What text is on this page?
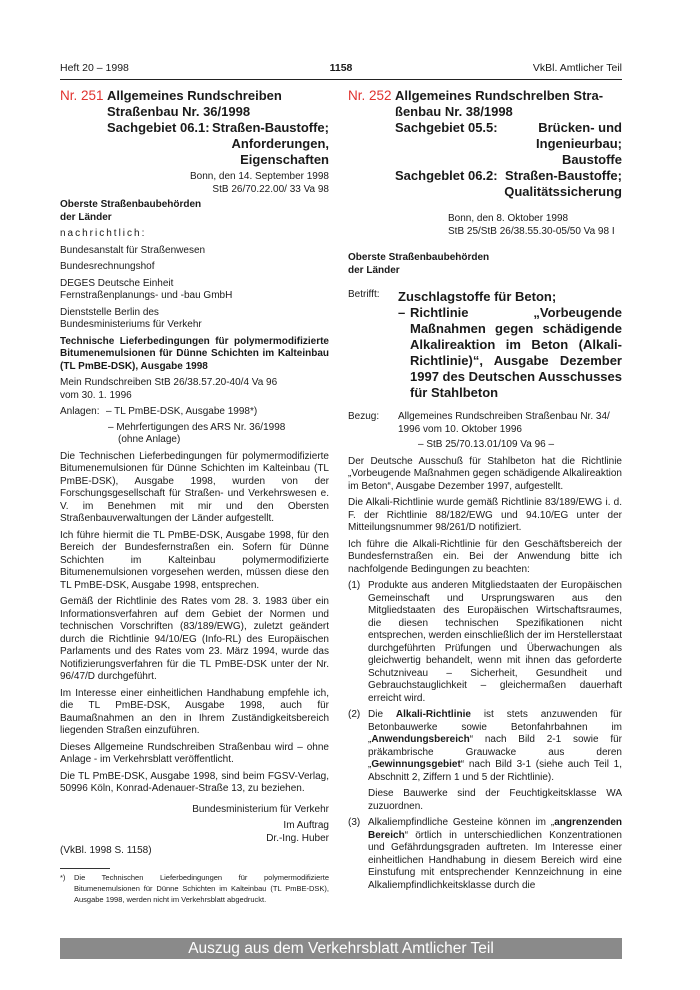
Heft 20 – 1998	1158	VkBl. Amtlicher Teil
Nr. 251 Allgemeines Rundschreiben
Straßenbau Nr. 36/1998
Sachgebiet 06.1: Straßen-Baustoffe;
Anforderungen,
Eigenschaften
Bonn, den 14. September 1998
StB 26/70.22.00/ 33 Va 98
Oberste Straßenbaubehörden
der Länder

nachrichtlich:

Bundesanstalt für Straßenwesen

Bundesrechnungshof

DEGES Deutsche Einheit

Fernstraßenplanungs- und -bau GmbH

Dienststelle Berlin des

Bundesministeriums für Verkehr

Technische Lieferbedingungen für polymermodifizierte Bitumenemulsionen für Dünne Schichten im Kalteinbau (TL PmBE-DSK), Ausgabe 1998

Mein Rundschreiben StB 26/38.57.20-40/4 Va 96

vom 30. 1. 1996
Anlagen: – TL PmBE-DSK, Ausgabe 1998*)
– Mehrfertigungen des ARS Nr. 36/1998
(ohne Anlage)

Die Technischen Lieferbedingungen für polymermodifizierte Bitumenemulsionen für Dünne Schichten im Kalteinbau (TL PmBE-DSK), Ausgabe 1998, wurden von der Forschungsgesellschaft für Straßen- und Verkehrswesen e. V. im Benehmen mit mir und den Obersten Straßenbauverwaltungen der Länder aufgestellt.

Ich führe hiermit die TL PmBE-DSK, Ausgabe 1998, für den Bereich der Bundesfernstraßen ein. Sofern für Dünne Schichten im Kalteinbau polymermodifizierte Bitumenemulsionen vorgesehen werden, müssen diese den TL PmBE-DSK, Ausgabe 1998, entsprechen.

Gemäß der Richtlinie des Rates vom 28. 3. 1983 über ein Informationsverfahren auf dem Gebiet der Normen und technischen Vorschriften (83/189/EWG), zuletzt geändert durch die Richtlinie 94/10/EG (Info-RL) des Europäischen Parlaments und des Rates vom 23. März 1994, wurde das Notifizierungsverfahren für die TL PmBE-DSK unter der Nr. 96/47/D durchgeführt.

Im Interesse einer einheitlichen Handhabung empfehle ich, die TL PmBE-DSK, Ausgabe 1998, auch für Baumaßnahmen an den in Ihrem Zuständigkeitsbereich liegenden Straßen einzuführen.

Dieses Allgemeine Rundschreiben Straßenbau wird – ohne Anlage - im Verkehrsblatt veröffentlicht.

Die TL PmBE-DSK, Ausgabe 1998, sind beim FGSV-Verlag, 50996 Köln, Konrad-Adenauer-Straße 13, zu beziehen.

Bundesministerium für Verkehr

Im Auftrag

Dr.-Ing. Huber
(VkBl. 1998 S. 1158)
*)	Die Technischen Lieferbedingungen für polymermodifizierte Bitumenemulsionen für Dünne Schichten im Kalteinbau (TL PmBE-DSK), Ausgabe 1998, werden nicht im Verkehrsblatt abgedruckt.
Nr. 252 Allgemeines Rundschrelben Stra-
ßenbau Nr. 38/1998
Sachgebiet 05.5:	Brücken- und
Ingenieurbau;
Baustoffe
Sachgeblet 06.2: Straßen-Baustoffe;
Qualitätssicherung
Bonn, den 8. Oktober 1998
StB 25/StB 26/38.55.30-05/50 Va 98 I
Oberste Straßenbaubehörden
der Länder
Betrifft:	Zuschlagstoffe für Beton;
– Richtlinie „Vorbeugende Maßnahmen gegen schädigende Alkalireaktion im Beton (Alkali-Richtlinie)“, Ausgabe Dezember 1997 des Deutschen Ausschusses für Stahlbeton
Bezug:	Allgemeines Rundschreiben Straßenbau Nr. 34/ 1996 vom 10. Oktober 1996
– StB 25/70.13.01/109 Va 96 –

Der Deutsche Ausschuß für Stahlbeton hat die Richtlinie „Vorbeugende Maßnahmen gegen schädigende Alkalireaktion im Beton“, Ausgabe Dezember 1997, aufgestellt.

Die Alkali-Richtlinie wurde gemäß Richtlinie 83/189/EWG i. d. F. der Richtlinie 88/182/EWG und 94.10/EG unter der Mitteilungsnummer 98/261/D notifiziert.

Ich führe die Alkali-Richtlinie für den Geschäftsbereich der Bundesfernstraßen ein. Bei der Anwendung bitte ich nachfolgende Bedingungen zu beachten:

(1) Produkte aus anderen Mitgliedstaaten der Europäischen Gemeinschaft und Ursprungswaren aus den Mitgliedstaaten des Europäischen Wirtschaftsraumes, die diesen technischen Spezifikationen nicht entsprechen, werden einschließlich der im Herstellerstaat durchgeführten Prüfungen und Überwachungen als gleichwertig behandelt, wenn mit ihnen das geforderte Schutzniveau – Sicherheit, Gesundheit und Gebrauchstauglichkeit – gleichermaßen dauerhaft erreicht wird.
(2) Die Alkali-Richtlinie ist stets anzuwenden für Betonbauwerke sowie Betonfahrbahnen im „Anwendungsbereich“ nach Bild 2-1 sowie für präkambrische Grauwacke aus deren „Gewinnungsgebiet“ nach Bild 3-1 (siehe auch Teil 1, Abschnitt 2, Ziffern 1 und 5 der Richtlinie).

Diese Bauwerke sind der Feuchtigkeitsklasse WA zuzuordnen.

(3) Alkaliempfindliche Gesteine können im „angrenzenden Bereich“ örtlich in unterschiedlichen Konzentrationen und Gefährdungsgraden auftreten. Im Interesse einer einheitlichen Handhabung in diesem Bereich wird eine Einstufung mit entsprechender Kennzeichnung in eine Alkaliempfindlichkeitsklasse durch die
Auszug aus dem Verkehrsblatt Amtlicher Teil
